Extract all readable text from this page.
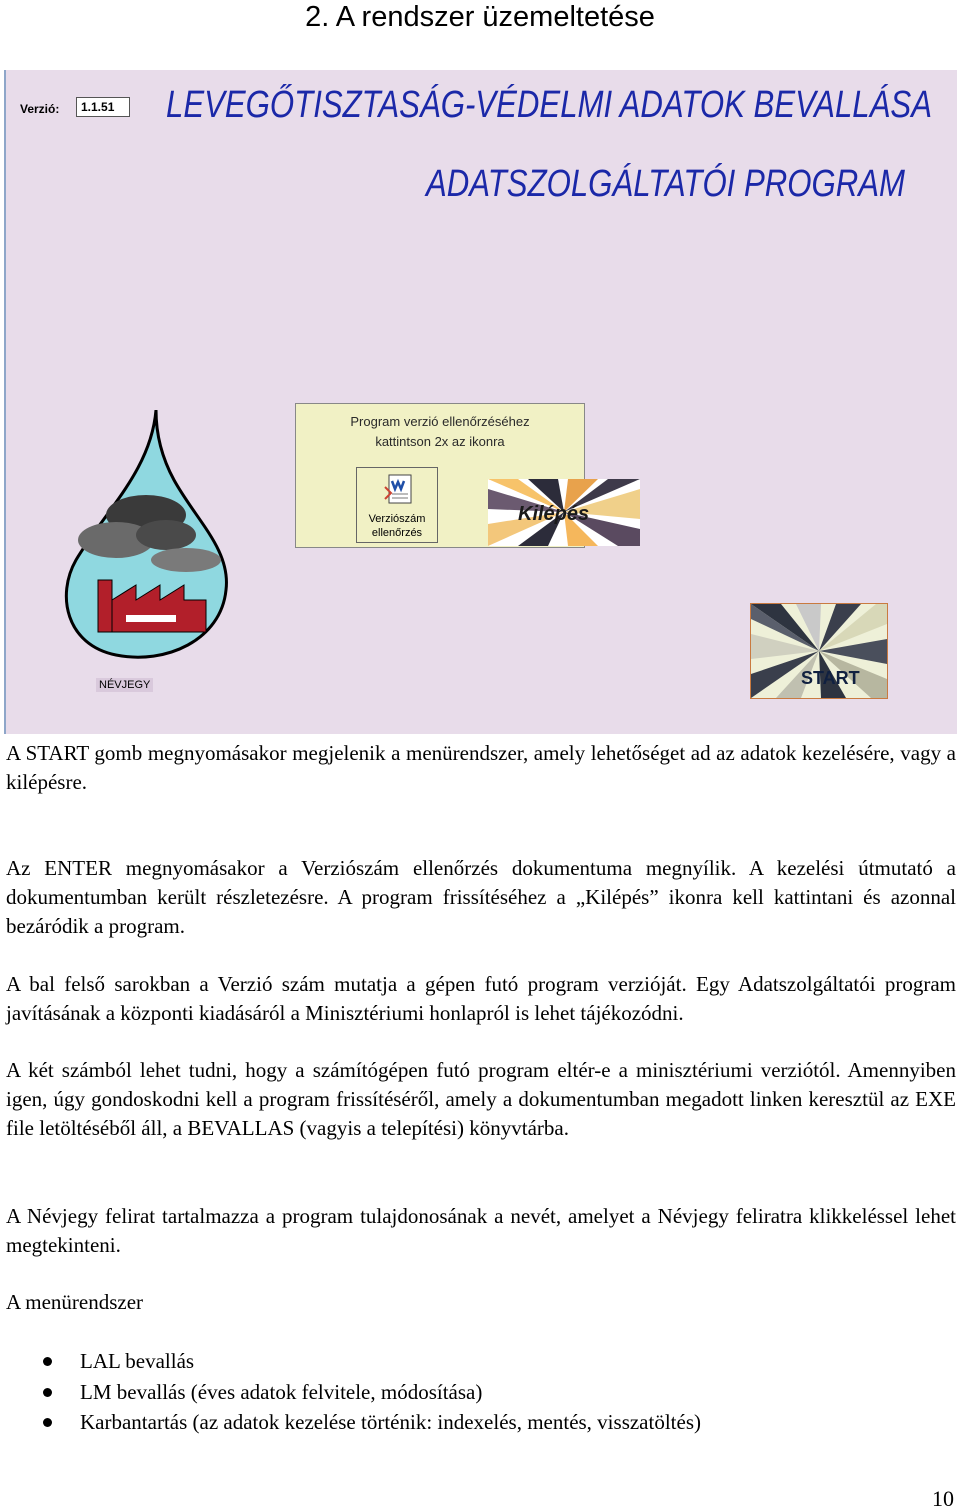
2. A rendszer üzemeltetése
Verzió:	1.1.51	LEVEGŐTISZTASÁG-VÉDELMI ADATOK BEVALLÁSA
ADATSZOLGÁLTATÓI PROGRAM
NÉVJEGY
Program verzió ellenőrzéséhez
kattintson 2x az ikonra
Verziószám
ellenőrzés
Kilépés
START

A START gomb megnyomásakor megjelenik a menürendszer, amely lehetőséget ad az adatok kezelésére, vagy a kilépésre.

Az ENTER megnyomásakor a Verziószám ellenőrzés dokumentuma megnyílik. A kezelési útmutató a dokumentumban került részletezésre. A program frissítéséhez a „Kilépés” ikonra kell kattintani és azonnal bezáródik a program.

A bal felső sarokban a Verzió szám mutatja a gépen futó program verzióját. Egy Adatszolgáltatói program javításának a központi kiadásáról a Minisztériumi honlapról is lehet tájékozódni.

A két számból lehet tudni, hogy a számítógépen futó program eltér-e a minisztériumi verziótól. Amennyiben igen, úgy gondoskodni kell a program frissítéséről, amely a dokumentumban megadott linken keresztül az EXE file letöltéséből áll, a BEVALLAS (vagyis a telepítési) könyvtárba.

A Névjegy felirat tartalmazza a program tulajdonosának a nevét, amelyet a Névjegy feliratra klikkeléssel lehet megtekinteni.

A menürendszer

LAL bevallás
LM bevallás (éves adatok felvitele, módosítása)
Karbantartás (az adatok kezelése történik: indexelés, mentés, visszatöltés)
10
